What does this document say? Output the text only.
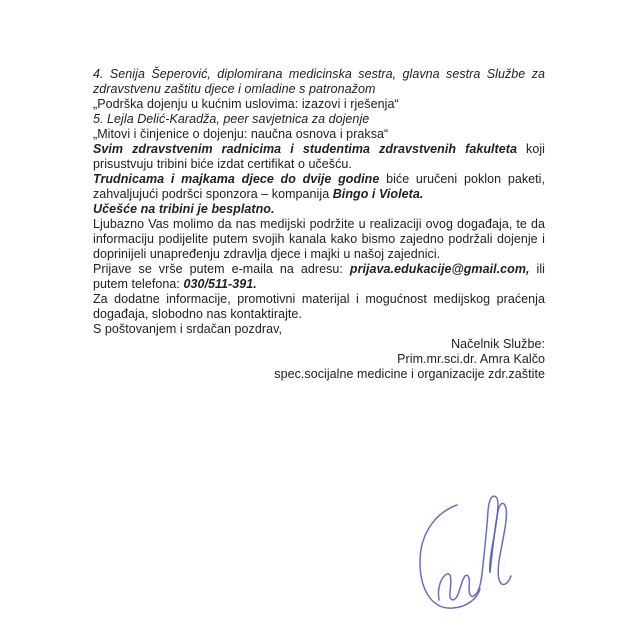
4. Senija Šeperović, diplomirana medicinska sestra, glavna sestra Službe za zdravstvenu zaštitu djece i omladine s patronažom

„Podrška dojenju u kućnim uslovima: izazovi i rješenja“

5. Lejla Delić-Karadža, peer savjetnica za dojenje

„Mitovi i činjenice o dojenju: naučna osnova i praksa“

Svim zdravstvenim radnicima i studentima zdravstvenih fakulteta koji prisustvuju tribini biće izdat certifikat o učešću.

Trudnicama i majkama djece do dvije godine biće uručeni poklon paketi, zahvaljujući podršci sponzora – kompanija Bingo i Violeta.

Učešće na tribini je besplatno.

Ljubazno Vas molimo da nas medijski podržite u realizaciji ovog događaja, te da informaciju podijelite putem svojih kanala kako bismo zajedno podržali dojenje i doprinijeli unapređenju zdravlja djece i majki u našoj zajednici.

Prijave se vrše putem e-maila na adresu: prijava.edukacije@gmail.com, ili putem telefona: 030/511-391.

Za dodatne informacije, promotivni materijal i mogućnost medijskog praćenja događaja, slobodno nas kontaktirajte.

S poštovanjem i srdačan pozdrav,

Načelnik Službe:

Prim.mr.sci.dr. Amra Kalčo

spec.socijalne medicine i organizacije zdr.zaštite
